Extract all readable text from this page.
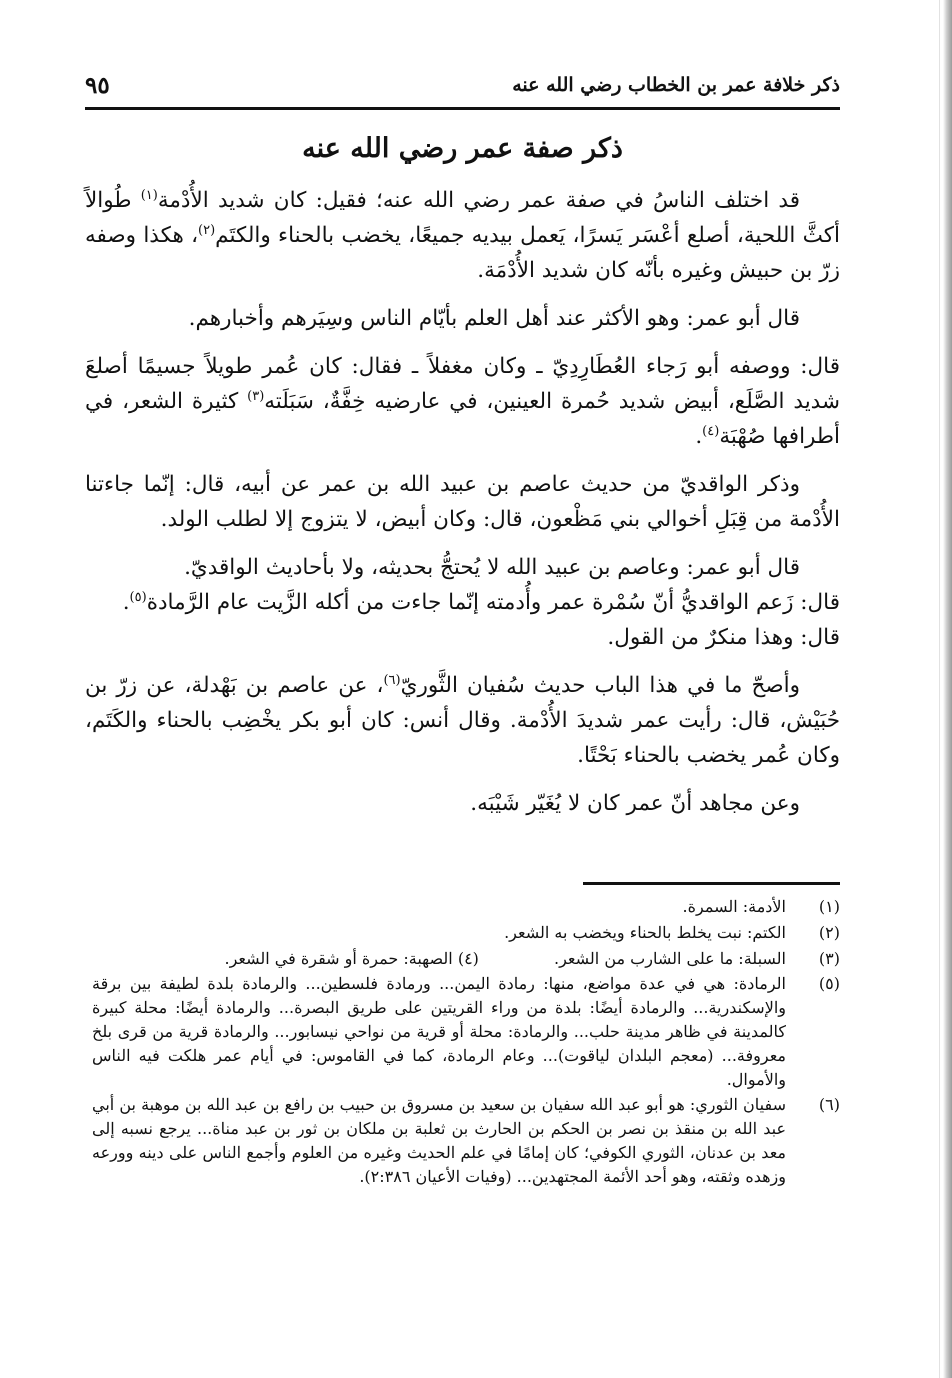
ذكر خلافة عمر بن الخطاب رضي الله عنه
٩٥
ذكر صفة عمر رضي الله عنه

قد اختلف الناسُ في صفة عمر رضي الله عنه؛ فقيل: كان شديد الأُدْمة$^{(١)}$ طُوالاً أكثَّ اللحية، أصلع أعْسَر يَسرًا، يَعمل بيديه جميعًا، يخضب بالحناء والكتَم$^{(٢)}$، هكذا وصفه زرّ بن حبيش وغيره بأنّه كان شديد الأُدْمَة.

قال أبو عمر: وهو الأكثر عند أهل العلم بأيّام الناس وسِيَرهم وأخبارهم.

قال: ووصفه أبو رَجاء العُطَارِدِيّ ـ وكان مغفلاً ـ فقال: كان عُمر طويلاً جسيمًا أصلعَ شديد الصَّلَع، أبيض شديد حُمرة العينين، في عارضيه خِفَّةٌ، سَبَلَته$^{(٣)}$ كثيرة الشعر، في أطرافها صُهْبَة$^{(٤)}$.

وذكر الواقديّ من حديث عاصم بن عبيد الله بن عمر عن أبيه، قال: إنّما جاءتنا الأُدْمة من قِبَلِ أخوالي بني مَظْعون، قال: وكان أبيض، لا يتزوج إلا لطلب الولد.

قال أبو عمر: وعاصم بن عبيد الله لا يُحتجُّ بحديثه، ولا بأحاديث الواقديّ.

قال: زَعم الواقديُّ أنّ سُمْرة عمر وأُدمته إنّما جاءت من أكله الزَّيت عام الرَّمادة$^{(٥)}$.

قال: وهذا منكرٌ من القول.

وأصحّ ما في هذا الباب حديث سُفيان الثَّوريّ$^{(٦)}$، عن عاصم بن بَهْدلة، عن زرّ بن حُبَيْش، قال: رأيت عمر شديدَ الأُدْمة. وقال أنس: كان أبو بكر يخْضِب بالحناء والكَتَم، وكان عُمر يخضب بالحناء بَحْتًا.

وعن مجاهد أنّ عمر كان لا يُغَيّر شَيْبَه.

(١)
الأدمة: السمرة.
(٢)
الكتم: نبت يخلط بالحناء ويخضب به الشعر.
(٣)
السبلة: ما على الشارب من الشعر. (٤) الصهبة: حمرة أو شقرة في الشعر.
(٥)
الرمادة: هي في عدة مواضع، منها: رمادة اليمن... ورمادة فلسطين... والرمادة بلدة لطيفة بين برقة والإسكندرية... والرمادة أيضًا: بلدة من وراء القريتين على طريق البصرة... والرمادة أيضًا: محلة كبيرة كالمدينة في ظاهر مدينة حلب... والرمادة: محلة أو قرية من نواحي نيسابور... والرمادة قرية من قرى بلخ معروفة... (معجم البلدان لياقوت)... وعام الرمادة، كما في القاموس: في أيام عمر هلكت فيه الناس والأموال.
(٦)
سفيان الثوري: هو أبو عبد الله سفيان بن سعيد بن مسروق بن حبيب بن رافع بن عبد الله بن موهبة بن أبي عبد الله بن منقذ بن نصر بن الحكم بن الحارث بن ثعلبة بن ملكان بن ثور بن عبد مناة... يرجع نسبه إلى معد بن عدنان، الثوري الكوفي؛ كان إمامًا في علم الحديث وغيره من العلوم وأجمع الناس على دينه وورعه وزهده وثقته، وهو أحد الأئمة المجتهدين... (وفيات الأعيان ٢:٣٨٦).
